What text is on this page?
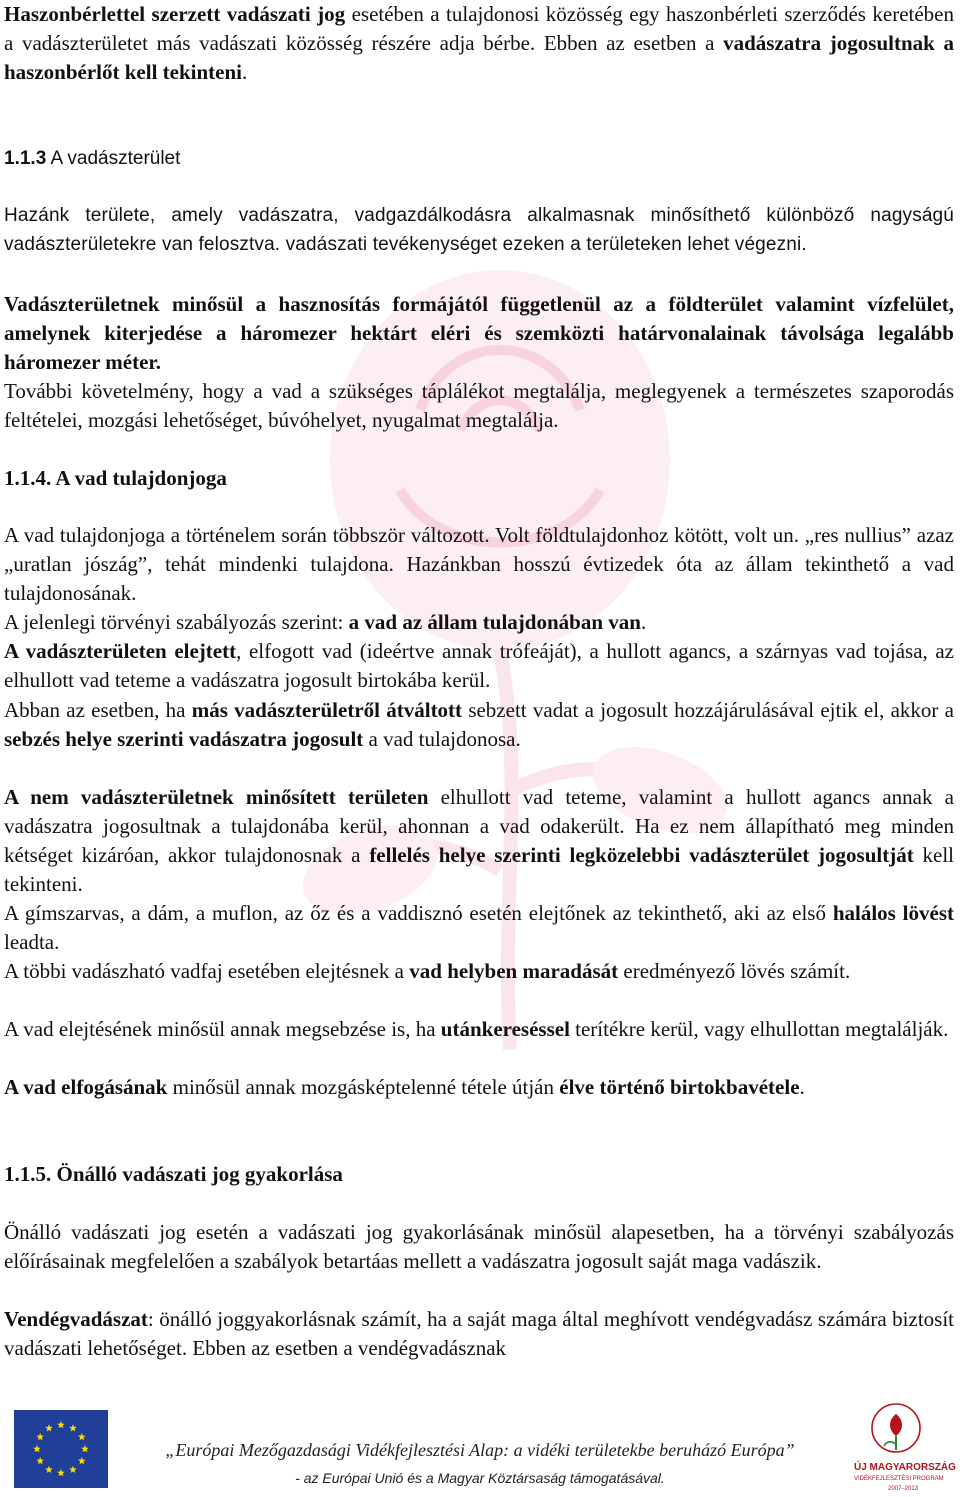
Haszonbérlettel szerzett vadászati jog esetében a tulajdonosi közösség egy haszonbérleti szerződés keretében a vadászterületet más vadászati közösség részére adja bérbe. Ebben az esetben a vadászatra jogosultnak a haszonbérlőt kell tekinteni.

1.1.3 A vadászterület

Hazánk területe, amely vadászatra, vadgazdálkodásra alkalmasnak minősíthető különböző nagyságú vadászterületekre van felosztva. vadászati tevékenységet ezeken a területeken lehet végezni.

Vadászterületnek minősül a hasznosítás formájától függetlenül az a földterület valamint vízfelület, amelynek kiterjedése a háromezer hektárt eléri és szemközti határvonalainak távolsága legalább háromezer méter.

További követelmény, hogy a vad a szükséges táplálékot megtalálja, meglegyenek a természetes szaporodás feltételei, mozgási lehetőséget, búvóhelyet, nyugalmat megtalálja.

1.1.4. A vad tulajdonjoga

A vad tulajdonjoga a történelem során többször változott. Volt földtulajdonhoz kötött, volt un. „res nullius” azaz „uratlan jószág”, tehát mindenki tulajdona. Hazánkban hosszú évtizedek óta az állam tekinthető a vad tulajdonosának.

A jelenlegi törvényi szabályozás szerint: a vad az állam tulajdonában van.

A vadászterületen elejtett, elfogott vad (ideértve annak trófeáját), a hullott agancs, a szárnyas vad tojása, az elhullott vad teteme a vadászatra jogosult birtokába kerül.

Abban az esetben, ha más vadászterületről átváltott sebzett vadat a jogosult hozzájárulásával ejtik el, akkor a sebzés helye szerinti vadászatra jogosult a vad tulajdonosa.

A nem vadászterületnek minősített területen elhullott vad teteme, valamint a hullott agancs annak a vadászatra jogosultnak a tulajdonába kerül, ahonnan a vad odakerült. Ha ez nem állapítható meg minden kétséget kizáróan, akkor tulajdonosnak a fellelés helye szerinti legközelebbi vadászterület jogosultját kell tekinteni.

A gímszarvas, a dám, a muflon, az őz és a vaddisznó esetén elejtőnek az tekinthető, aki az első halálos lövést leadta.

A többi vadászható vadfaj esetében elejtésnek a vad helyben maradását eredményező lövés számít.

A vad elejtésének minősül annak megsebzése is, ha utánkereséssel terítékre kerül, vagy elhullottan megtalálják.

A vad elfogásának minősül annak mozgásképtelenné tétele útján élve történő birtokbavétele.

1.1.5. Önálló vadászati jog gyakorlása

Önálló vadászati jog esetén a vadászati jog gyakorlásának minősül alapesetben, ha a törvényi szabályozás előírásainak megfelelően a szabályok betartáas mellett a vadászatra jogosult saját maga vadászik.

Vendégvadászat: önálló joggyakorlásnak számít, ha a saját maga által meghívott vendégvadász számára biztosít vadászati lehetőséget. Ebben az esetben a vendégvadásznak

„Európai Mezőgazdasági Vidékfejlesztési Alap: a vidéki területekbe beruházó Európa”
- az Európai Unió és a Magyar Köztársaság támogatásával.
ÚJ MAGYARORSZÁG
VIDÉKFEJLESZTÉSI PROGRAM
2007–2013
